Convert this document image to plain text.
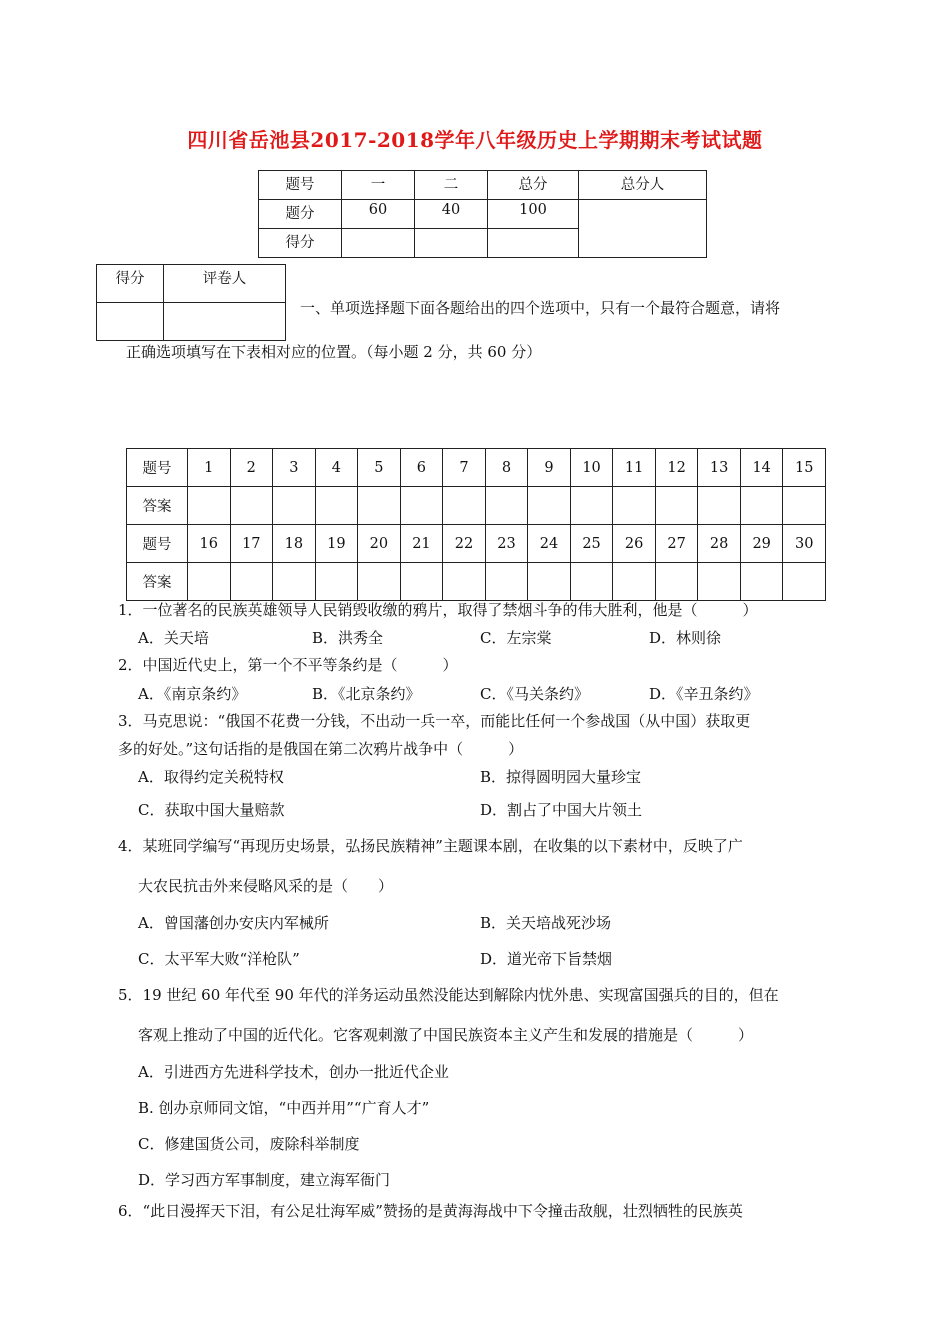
四川省岳池县2017-2018学年八年级历史上学期期末考试试题
题号	一	二	总分	总分人
题分	60	40	100	
得分				
得分	评卷人

一、单项选择题下面各题给出的四个选项中，只有一个最符合题意，请将
正确选项填写在下表相对应的位置。（每小题 2 分，共 60 分）
题号	1	2	3	4	5	6	7	8	9	10	11	12	13	14	15
答案															
题号	16	17	18	19	20	21	22	23	24	25	26	27	28	29	30
答案															
1．一位著名的民族英雄领导人民销毁收缴的鸦片，取得了禁烟斗争的伟大胜利，他是（　　　）
A．关天培	B．洪秀全	C．左宗棠	D．林则徐
2．中国近代史上，第一个不平等条约是（　　　）
A．《南京条约》	B．《北京条约》	C．《马关条约》	D．《辛丑条约》
3．马克思说：“俄国不花费一分钱，不出动一兵一卒，而能比任何一个参战国（从中国）获取更
多的好处。”这句话指的是俄国在第二次鸦片战争中（　　　）
A．取得约定关税特权	B．掠得圆明园大量珍宝
C．获取中国大量赔款	D．割占了中国大片领土
4．某班同学编写“再现历史场景，弘扬民族精神”主题课本剧，在收集的以下素材中，反映了广
大农民抗击外来侵略风采的是（　　）
A．曾国藩创办安庆内军械所	B．关天培战死沙场
C．太平军大败“洋枪队”	D．道光帝下旨禁烟
5．19 世纪 60 年代至 90 年代的洋务运动虽然没能达到解除内忧外患、实现富国强兵的目的，但在
客观上推动了中国的近代化。它客观刺激了中国民族资本主义产生和发展的措施是（　　　）
A．引进西方先进科学技术，创办一批近代企业
B. 创办京师同文馆，“中西并用”“广育人才”
C．修建国货公司，废除科举制度
D．学习西方军事制度，建立海军衙门
6．“此日漫挥天下泪，有公足壮海军威”赞扬的是黄海海战中下令撞击敌舰，壮烈牺牲的民族英
